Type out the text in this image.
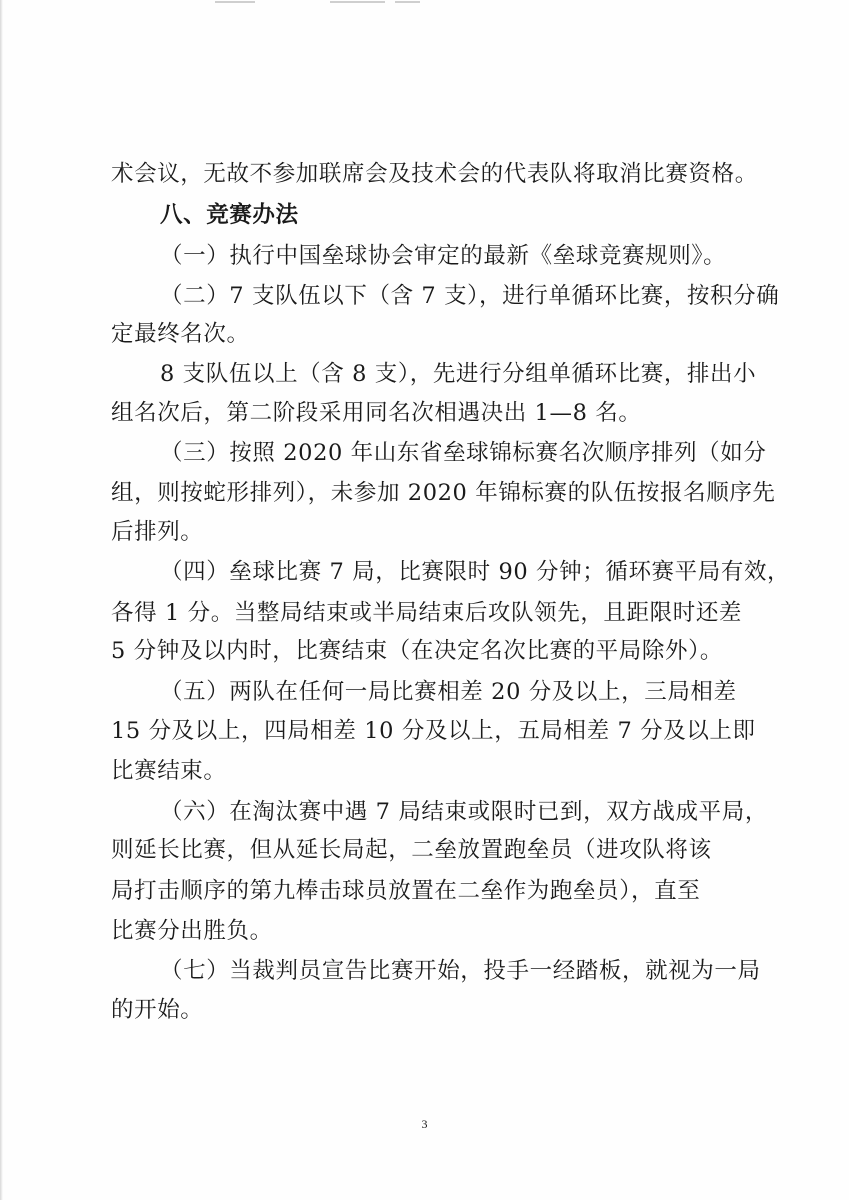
术会议，无故不参加联席会及技术会的代表队将取消比赛资格。
八、竞赛办法
（一）执行中国垒球协会审定的最新《垒球竞赛规则》。
（二）7 支队伍以下（含 7 支），进行单循环比赛，按积分确
定最终名次。
8 支队伍以上（含 8 支），先进行分组单循环比赛，排出小
组名次后，第二阶段采用同名次相遇决出 1—8 名。
（三）按照 2020 年山东省垒球锦标赛名次顺序排列（如分
组，则按蛇形排列），未参加 2020 年锦标赛的队伍按报名顺序先
后排列。
（四）垒球比赛 7 局，比赛限时 90 分钟；循环赛平局有效，
各得 1 分。当整局结束或半局结束后攻队领先，且距限时还差
5 分钟及以内时，比赛结束（在决定名次比赛的平局除外）。
（五）两队在任何一局比赛相差 20 分及以上，三局相差
15 分及以上，四局相差 10 分及以上，五局相差 7 分及以上即
比赛结束。
（六）在淘汰赛中遇 7 局结束或限时已到，双方战成平局，
则延长比赛，但从延长局起，二垒放置跑垒员（进攻队将该
局打击顺序的第九棒击球员放置在二垒作为跑垒员），直至
比赛分出胜负。
（七）当裁判员宣告比赛开始，投手一经踏板，就视为一局
的开始。
3
